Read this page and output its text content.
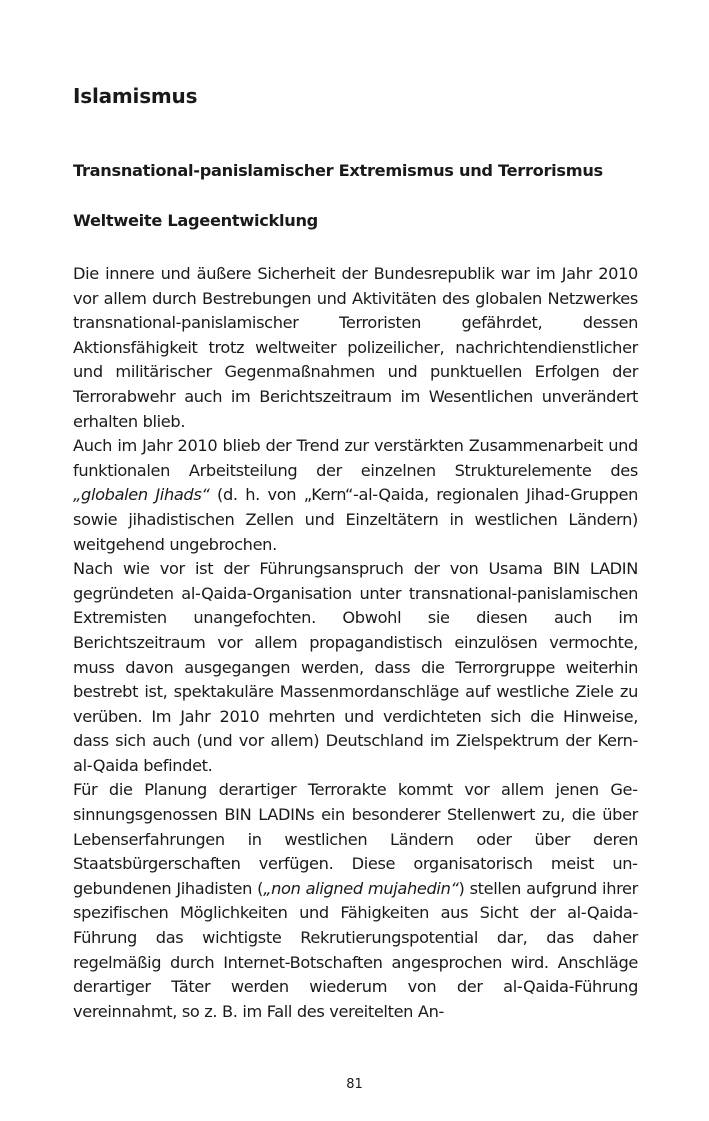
Islamismus
Transnational-panislamischer Extremismus und Terrorismus
Weltweite Lageentwicklung

Die innere und äußere Sicherheit der Bundesrepublik war im Jahr 2010 vor allem durch Bestrebungen und Aktivitäten des globalen Netzwerkes transnational-panislamischer Terroristen gefährdet, dessen Aktionsfähigkeit trotz weltweiter polizeilicher, nachrichtendienstlicher und militärischer Gegenmaßnahmen und punktuellen Erfolgen der Terrorabwehr auch im Berichtszeitraum im Wesentlichen unverändert erhalten blieb.

Auch im Jahr 2010 blieb der Trend zur verstärkten Zusammenarbeit und funktionalen Arbeitsteilung der einzelnen Strukturelemente des „globalen Jihads“ (d. h. von „Kern“-al-Qaida, regionalen Jihad-Gruppen sowie jihadistischen Zellen und Einzeltätern in westlichen Ländern) weitgehend ungebrochen.

Nach wie vor ist der Führungsanspruch der von Usama BIN LADIN gegründeten al-Qaida-Organisation unter transnational-panislamischen Extremisten unangefochten. Obwohl sie diesen auch im Berichtszeitraum vor allem propagandistisch einzulösen vermochte, muss davon ausgegangen werden, dass die Terrorgruppe weiterhin bestrebt ist, spektakuläre Massenmordanschläge auf westliche Ziele zu verüben. Im Jahr 2010 mehrten und verdichteten sich die Hinweise, dass sich auch (und vor allem) Deutschland im Zielspektrum der Kern-al-Qaida befindet.

Für die Planung derartiger Terrorakte kommt vor allem jenen Gesinnungsgenossen BIN LADINs ein besonderer Stellenwert zu, die über Lebenserfahrungen in westlichen Ländern oder über deren Staatsbürgerschaften verfügen. Diese organisatorisch meist ungebundenen Jihadisten („non aligned mujahedin“) stellen aufgrund ihrer spezifischen Möglichkeiten und Fähigkeiten aus Sicht der al-Qaida-Führung das wichtigste Rekrutierungspotential dar, das daher regelmäßig durch Internet-Botschaften angesprochen wird. Anschläge derartiger Täter werden wiederum von der al-Qaida-Führung vereinnahmt, so z. B. im Fall des vereitelten An-

81
